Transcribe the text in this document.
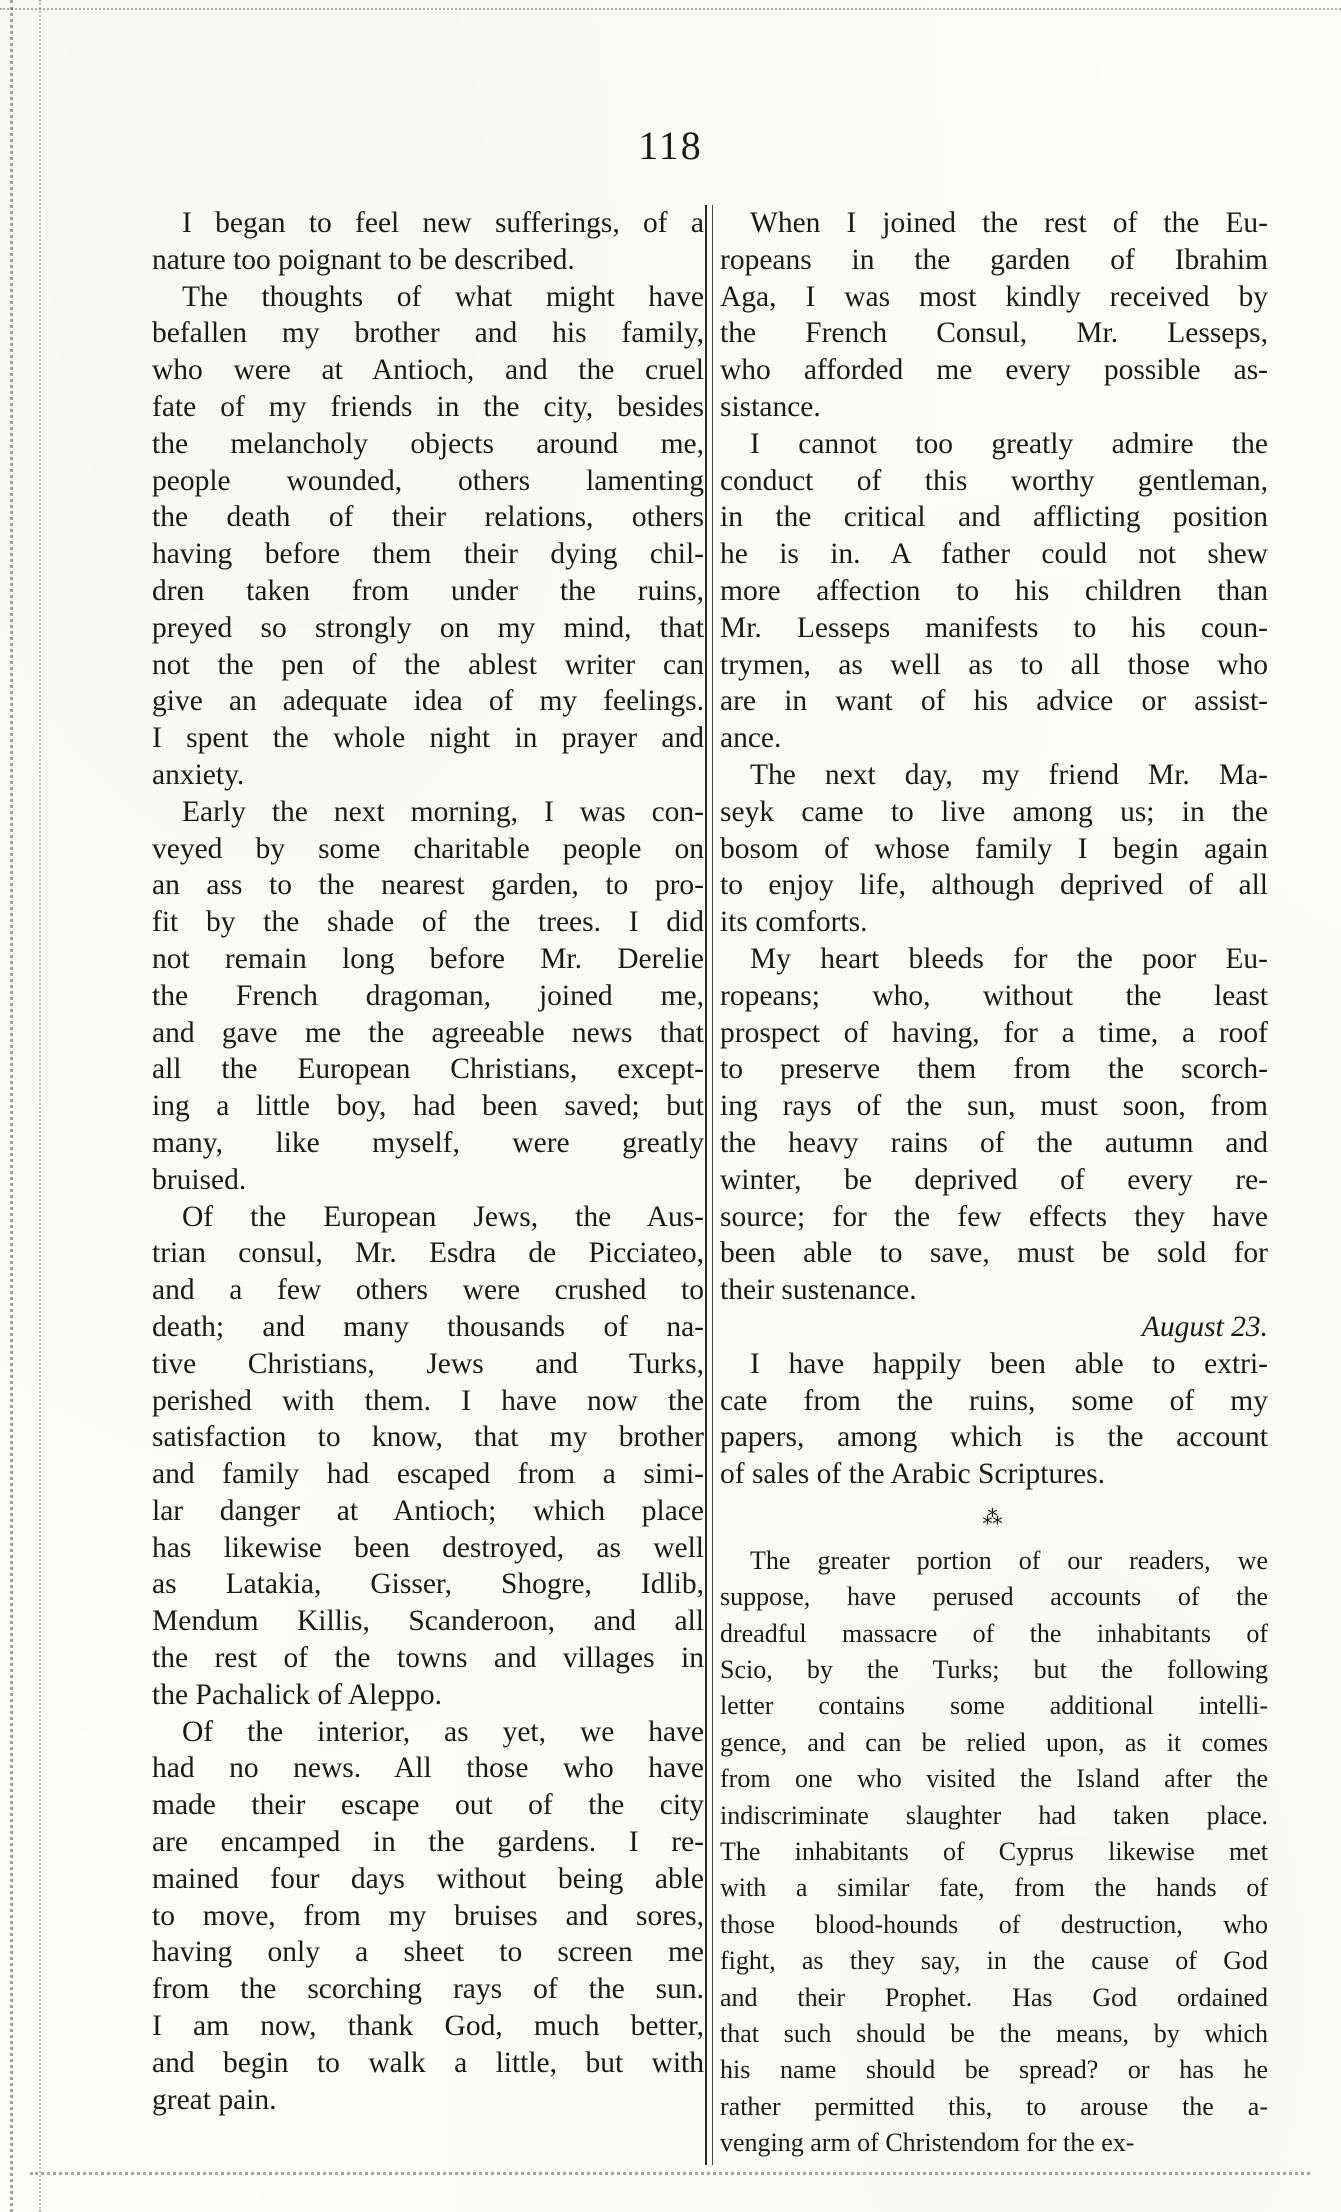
118
I began to feel new sufferings, of a
nature too poignant to be described.
The thoughts of what might have
befallen my brother and his family,
who were at Antioch, and the cruel
fate of my friends in the city, besides
the melancholy objects around me,
people wounded, others lamenting
the death of their relations, others
having before them their dying chil-
dren taken from under the ruins,
preyed so strongly on my mind, that
not the pen of the ablest writer can
give an adequate idea of my feelings.
I spent the whole night in prayer and
anxiety.
Early the next morning, I was con-
veyed by some charitable people on
an ass to the nearest garden, to pro-
fit by the shade of the trees. I did
not remain long before Mr. Derelie
the French dragoman, joined me,
and gave me the agreeable news that
all the European Christians, except-
ing a little boy, had been saved; but
many, like myself, were greatly
bruised.
Of the European Jews, the Aus-
trian consul, Mr. Esdra de Picciateo,
and a few others were crushed to
death; and many thousands of na-
tive Christians, Jews and Turks,
perished with them. I have now the
satisfaction to know, that my brother
and family had escaped from a simi-
lar danger at Antioch; which place
has likewise been destroyed, as well
as Latakia, Gisser, Shogre, Idlib,
Mendum Killis, Scanderoon, and all
the rest of the towns and villages in
the Pachalick of Aleppo.
Of the interior, as yet, we have
had no news. All those who have
made their escape out of the city
are encamped in the gardens. I re-
mained four days without being able
to move, from my bruises and sores,
having only a sheet to screen me
from the scorching rays of the sun.
I am now, thank God, much better,
and begin to walk a little, but with
great pain.
When I joined the rest of the Eu-
ropeans in the garden of Ibrahim
Aga, I was most kindly received by
the French Consul, Mr. Lesseps,
who afforded me every possible as-
sistance.
I cannot too greatly admire the
conduct of this worthy gentleman,
in the critical and afflicting position
he is in. A father could not shew
more affection to his children than
Mr. Lesseps manifests to his coun-
trymen, as well as to all those who
are in want of his advice or assist-
ance.
The next day, my friend Mr. Ma-
seyk came to live among us; in the
bosom of whose family I begin again
to enjoy life, although deprived of all
its comforts.
My heart bleeds for the poor Eu-
ropeans; who, without the least
prospect of having, for a time, a roof
to preserve them from the scorch-
ing rays of the sun, must soon, from
the heavy rains of the autumn and
winter, be deprived of every re-
source; for the few effects they have
been able to save, must be sold for
their sustenance.
August 23.
I have happily been able to extri-
cate from the ruins, some of my
papers, among which is the account
of sales of the Arabic Scriptures.
⁂
The greater portion of our readers, we
suppose, have perused accounts of the
dreadful massacre of the inhabitants of
Scio, by the Turks; but the following
letter contains some additional intelli-
gence, and can be relied upon, as it comes
from one who visited the Island after the
indiscriminate slaughter had taken place.
The inhabitants of Cyprus likewise met
with a similar fate, from the hands of
those blood-hounds of destruction, who
fight, as they say, in the cause of God
and their Prophet. Has God ordained
that such should be the means, by which
his name should be spread? or has he
rather permitted this, to arouse the a-
venging arm of Christendom for the ex-
